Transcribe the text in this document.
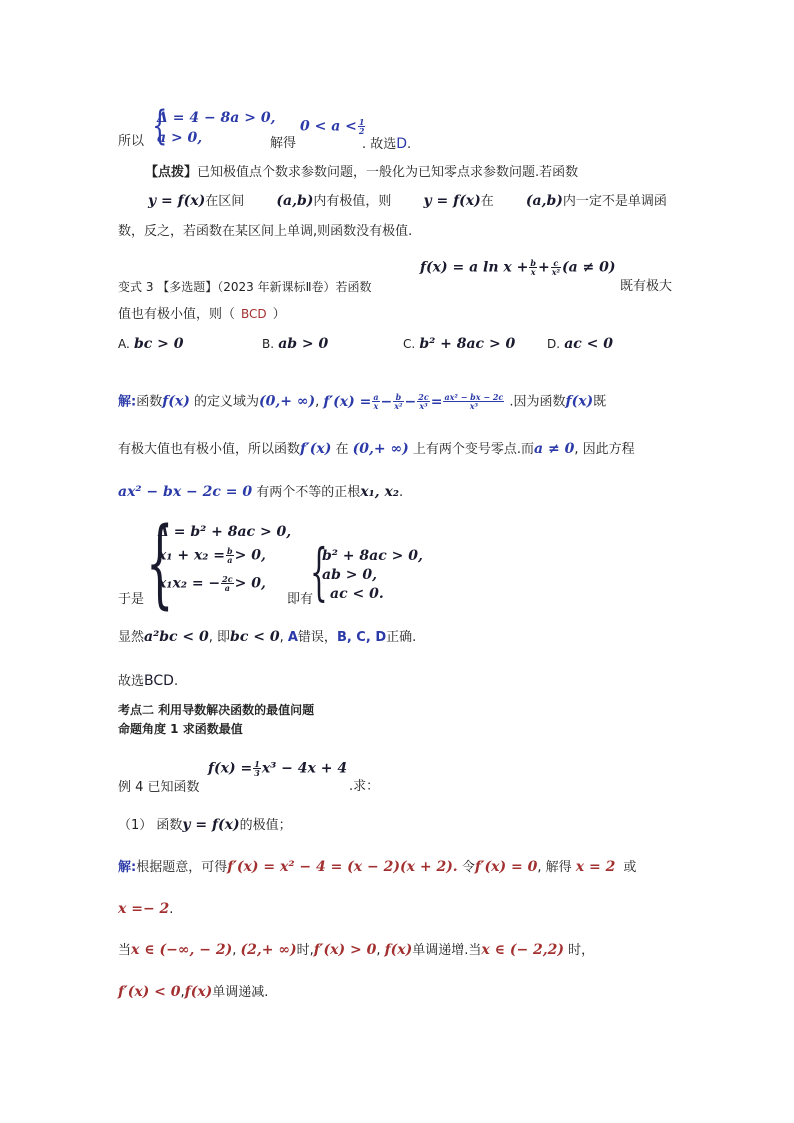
所以 {
Δ = 4 − 8a > 0,
a > 0,	解得
$0 < a < \frac{1}{2}$
. 故选D.
【点拨】已知极值点个数求参数问题，一般化为已知零点求参数问题.若函数
y = f(x)在区间 (a,b)内有极值，则 y = f(x)在 (a,b)内一定不是单调函
数，反之，若函数在某区间上单调,则函数没有极值.
变式 3 【多选题】（2023 年新课标Ⅱ卷）若函数
f(x) = a $\ln x + \frac{b}{x} + \frac{c}{\text{x²}} (a \ne 0)$
既有极大
值也有极小值，则（ BCD ）
A. bc > 0	B. ab > 0	C. b² + 8ac > 0	D. ac < 0
解:函数f(x) 的定义域为(0,+ ∞), $f'(x) = \frac{a}{x} - \frac{b}{\text{x²}} - \frac{2c}{\text{x³}} = \frac{\text{ax² − bx − 2c}}{\text{x³}}$ .因为函数f(x)既
有极大值也有极小值，所以函数f′(x) 在 (0,+ ∞) 上有两个变号零点.而a ≠ 0, 因此方程
ax² − bx − 2c = 0 有两个不等的正根x₁, x₂.
于是 {
Δ = b² + 8ac > 0,
$x_1 + x_2 = \frac{b}{a} > 0$,
x₁x₂ = − $\frac{2c}{a} > 0$,
即有
{
b² + 8ac > 0,
ab > 0,
ac < 0.
显然a²bc < 0, 即bc < 0, A错误，B, C, D正确.
故选BCD.
考点二 利用导数解决函数的最值问题
命题角度 1 求函数最值
例 4 已知函数
$f(x) = \frac{1}{3} x^3 - 4x + 4$
.求：
（1） 函数y = f(x)的极值；
解:根据题意，可得f′(x) = x² − 4 = (x − 2)(x + 2). 令f′(x) = 0, 解得 x = 2 或
x =− 2.
当x ∈ (−∞, − 2), (2,+ ∞)时,f′(x) > 0, f(x)单调递增.当x ∈ (− 2,2) 时，
f′(x) < 0,f(x)单调递减.
